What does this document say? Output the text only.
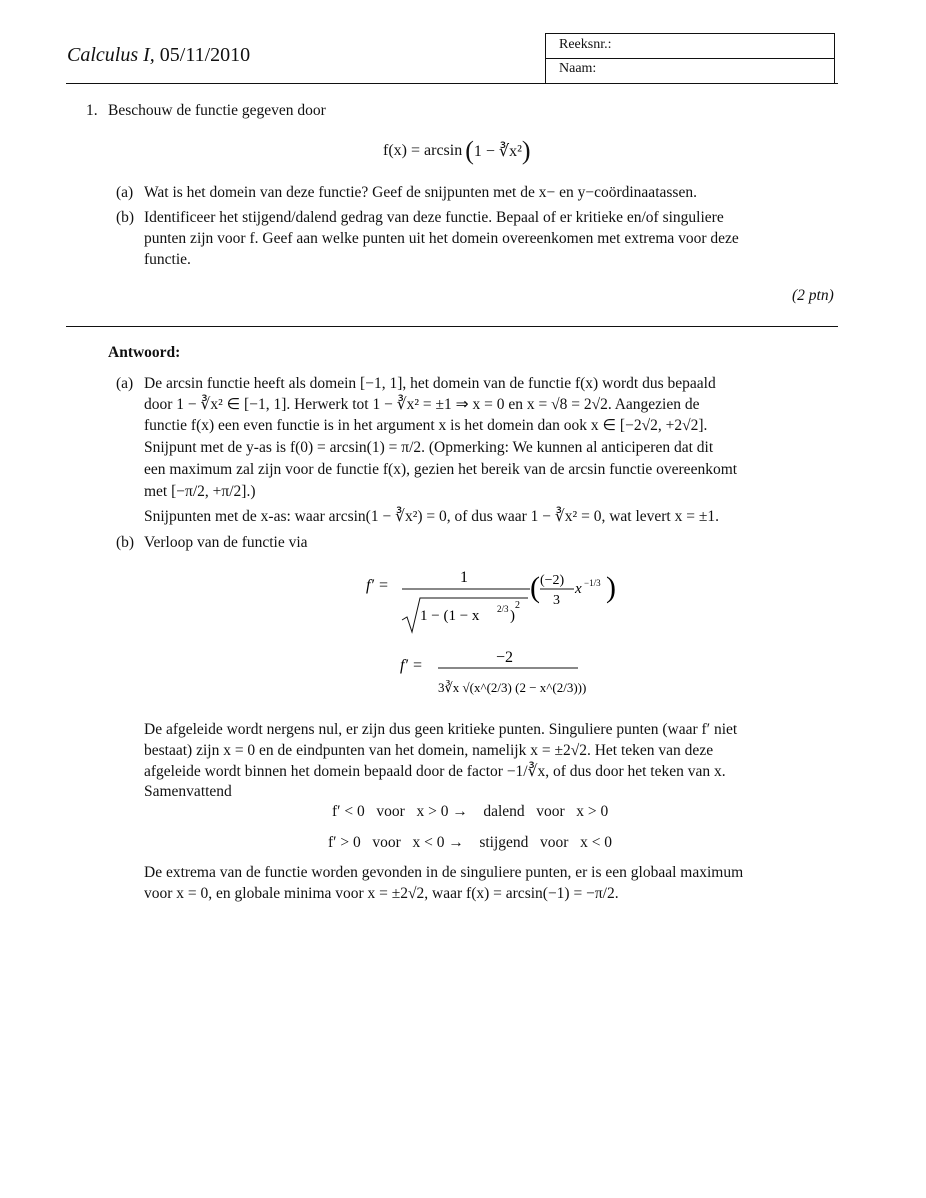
Calculus I, 05/11/2010	Reeksnr.:
Naam:
1. Beschouw de functie gegeven door
f(x) = arcsin ( 1 − ∛x² )
(a) Wat is het domein van deze functie? Geef de snijpunten met de x− en y−coördinaatassen.
(b) Identificeer het stijgend/dalend gedrag van deze functie. Bepaal of er kritieke en/of singuliere
punten zijn voor f. Geef aan welke punten uit het domein overeenkomen met extrema voor deze
functie.
(2 ptn)
Antwoord:
(a) De arcsin functie heeft als domein [−1, 1], het domein van de functie f(x) wordt dus bepaald
door 1 − ∛x² ∈ [−1, 1]. Herwerk tot 1 − ∛x² = ±1 ⇒ x = 0 en x = √8 = 2√2. Aangezien de
functie f(x) een even functie is in het argument x is het domein dan ook x ∈ [−2√2, +2√2].
Snijpunt met de y-as is f(0) = arcsin(1) = π/2. (Opmerking: We kunnen al anticiperen dat dit
een maximum zal zijn voor de functie f(x), gezien het bereik van de arcsin functie overeenkomt
met [−π/2, +π/2].)
Snijpunten met de x-as: waar arcsin(1 − ∛x²) = 0, of dus waar 1 − ∛x² = 0, wat levert x = ±1.
(b) Verloop van de functie via
f′ =	1
1 − (1 − x 2/3 )
2
( (−2)
3
x −1/3 )
f′ =	−2
3∛x √(x^(2/3) (2 − x^(2/3)))
De afgeleide wordt nergens nul, er zijn dus geen kritieke punten. Singuliere punten (waar f′ niet
bestaat) zijn x = 0 en de eindpunten van het domein, namelijk x = ±2√2. Het teken van deze
afgeleide wordt binnen het domein bepaald door de factor −1/∛x, of dus door het teken van x.
Samenvattend
f′ < 0   voor   x > 0 →    dalend   voor   x > 0
f′ > 0   voor   x < 0 →    stijgend   voor   x < 0
De extrema van de functie worden gevonden in de singuliere punten, er is een globaal maximum
voor x = 0, en globale minima voor x = ±2√2, waar f(x) = arcsin(−1) = −π/2.
